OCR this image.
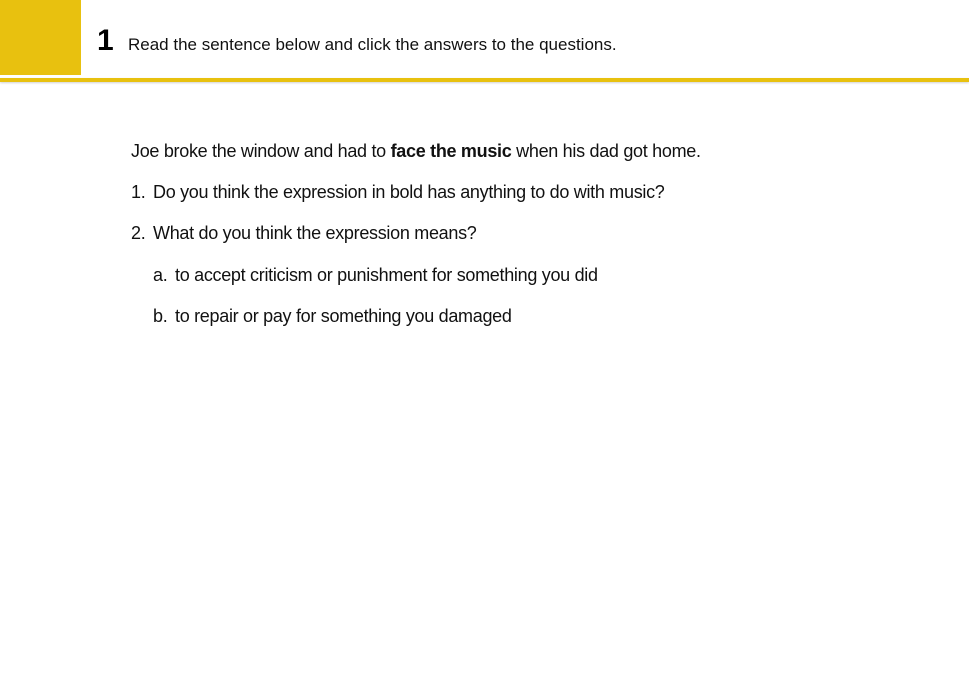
1 Read the sentence below and click the answers to the questions.
Joe broke the window and had to face the music when his dad got home.
1. Do you think the expression in bold has anything to do with music?
2. What do you think the expression means?
a. to accept criticism or punishment for something you did
b. to repair or pay for something you damaged
